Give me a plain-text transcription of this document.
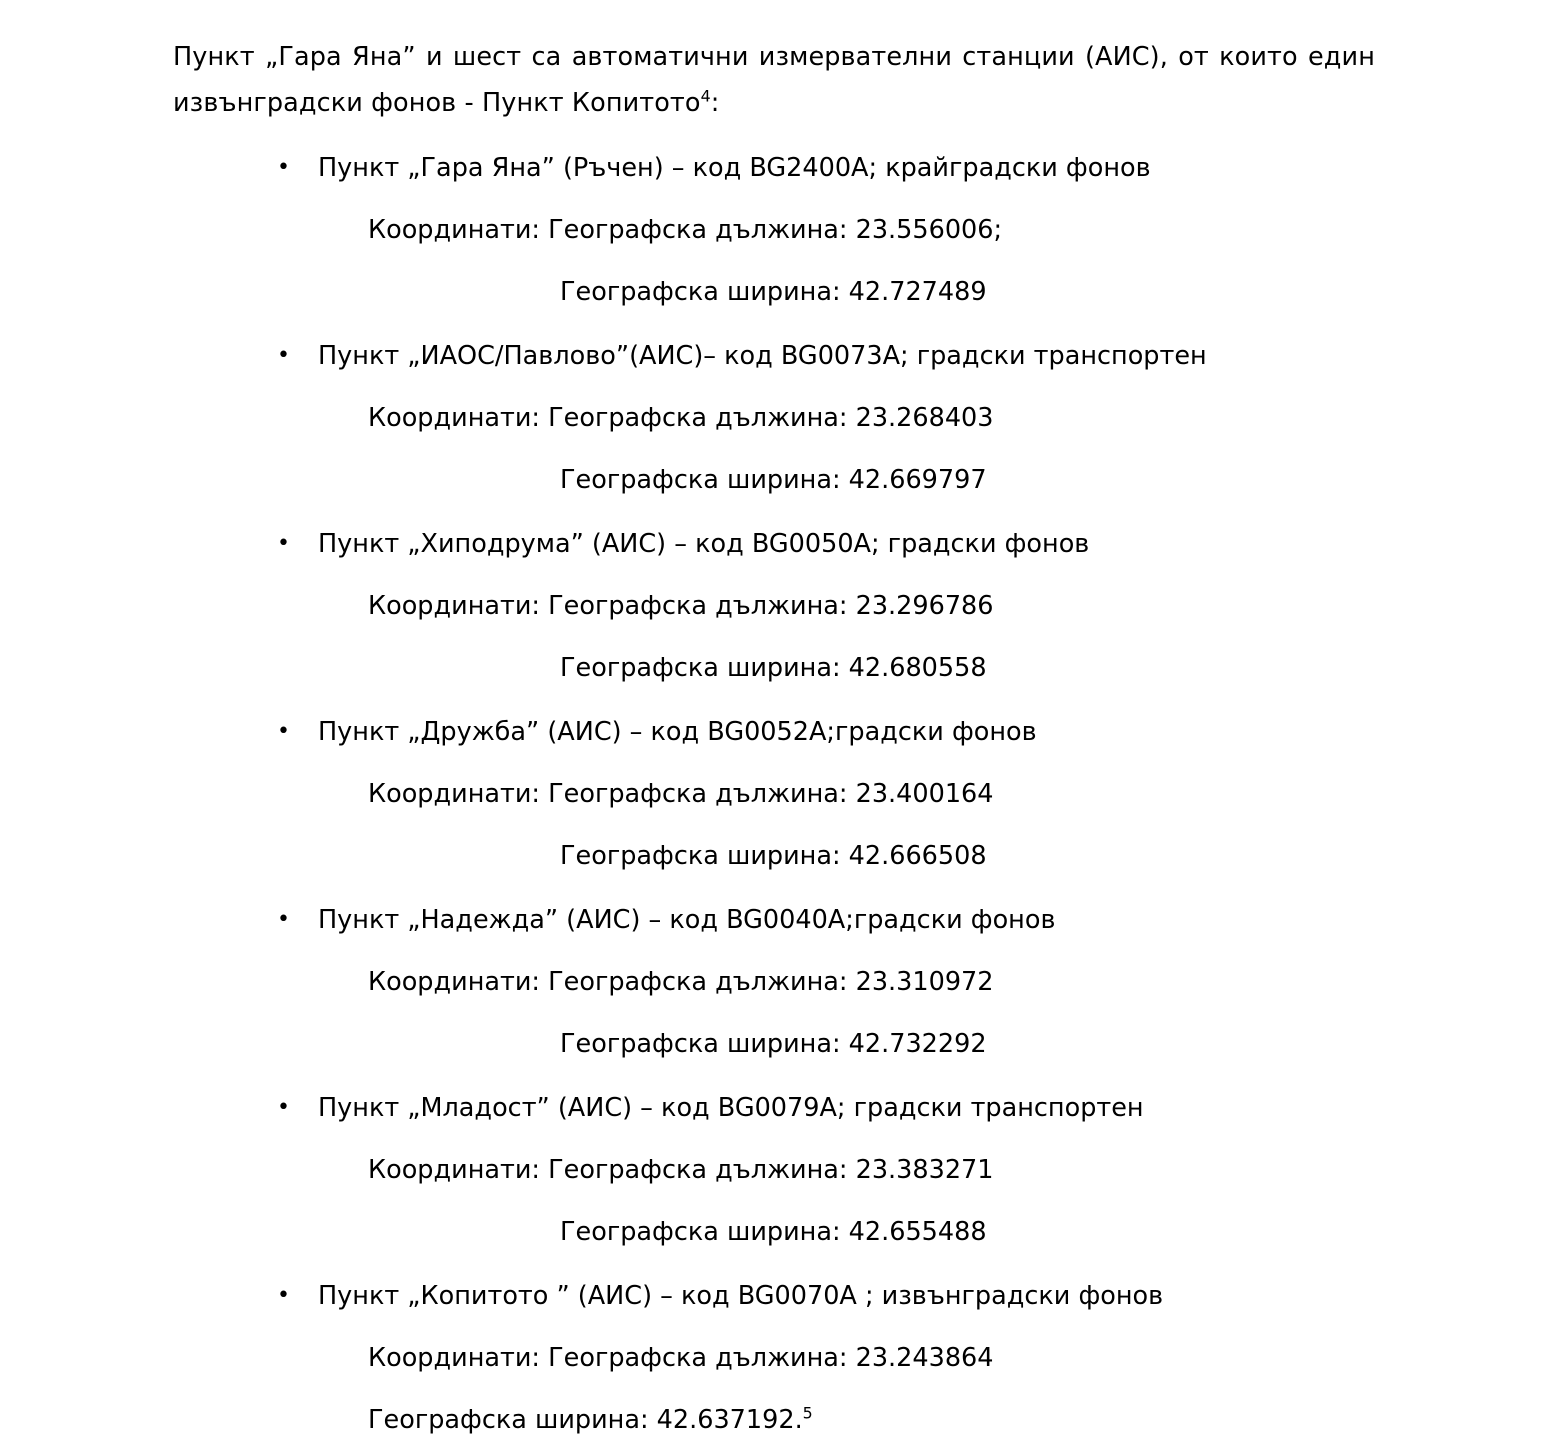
Пункт „Гара Яна” и шест са автоматични измервателни станции (АИС), от които един извънградски фонов - Пункт Копитото$^4$:

• Пункт „Гара Яна” (Ръчен) – код BG2400A; крайградски фонов
Координати: Географска дължина: 23.556006;
Географска ширина: 42.727489
• Пункт „ИАОС/Павлово”(АИС)– код BG0073A; градски транспортен
Координати: Географска дължина: 23.268403
Географска ширина: 42.669797
• Пункт „Хиподрума” (АИС) – код BG0050A; градски фонов
Координати: Географска дължина: 23.296786
Географска ширина: 42.680558
• Пункт „Дружба” (АИС) – код BG0052A;градски фонов
Координати: Географска дължина: 23.400164
Географска ширина: 42.666508
• Пункт „Надежда” (АИС) – код BG0040A;градски фонов
Координати: Географска дължина: 23.310972
Географска ширина: 42.732292
• Пункт „Младост” (АИС) – код BG0079A; градски транспортен
Координати: Географска дължина: 23.383271
Географска ширина: 42.655488
• Пункт „Копитото ” (АИС) – код BG0070A ; извънградски фонов
Координати: Географска дължина: 23.243864
Географска ширина: 42.637192.$^5$
